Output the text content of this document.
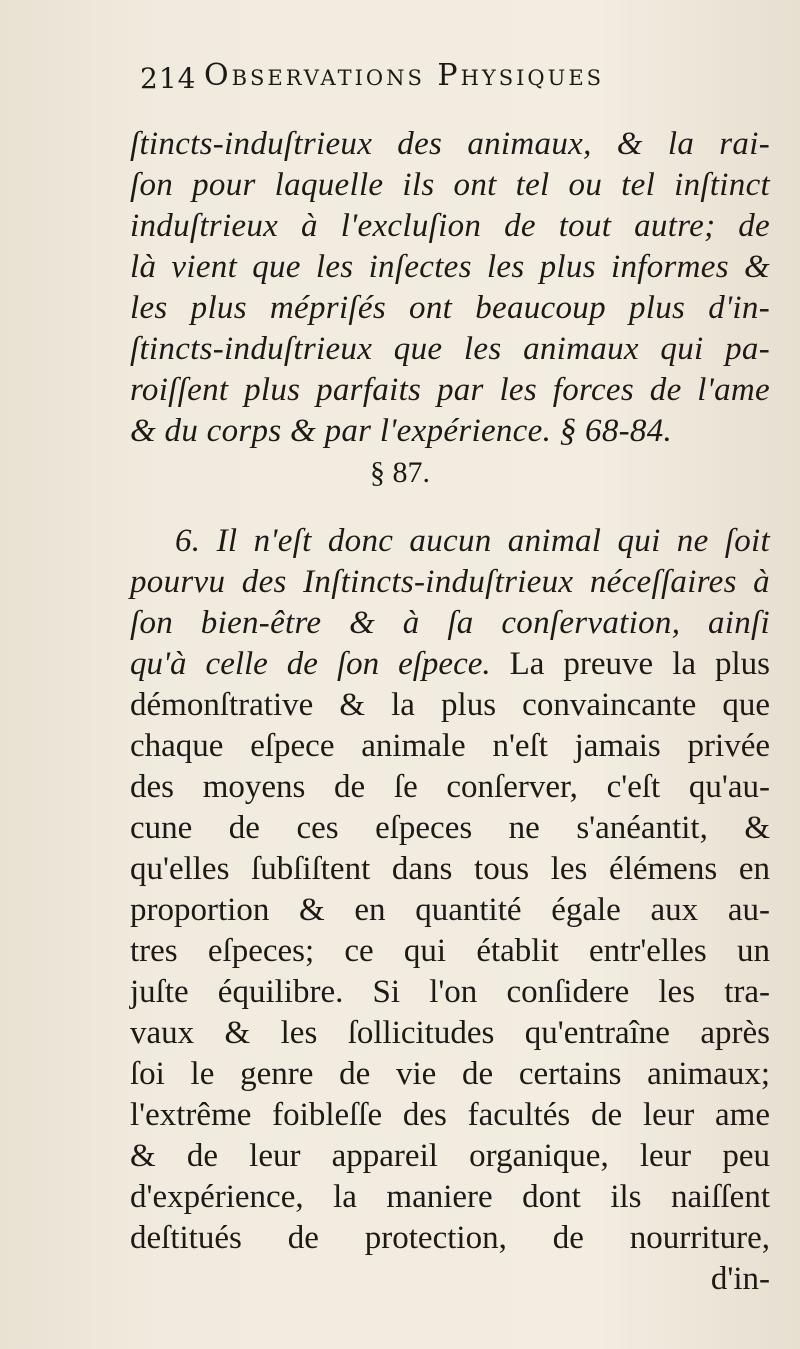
214 Observations Physiques
ſtincts-induſtrieux des animaux, & la rai-
ſon pour laquelle ils ont tel ou tel inſtinct
induſtrieux à l'excluſion de tout autre; de
là vient que les inſectes les plus informes &
les plus mépriſés ont beaucoup plus d'in-
ſtincts-induſtrieux que les animaux qui pa-
roiſſent plus parfaits par les forces de l'ame
& du corps & par l'expérience. § 68-84.
§ 87.
6. Il n'eſt donc aucun animal qui ne ſoit
pourvu des Inſtincts-induſtrieux néceſſaires à
ſon bien-être & à ſa conſervation, ainſi
qu'à celle de ſon eſpece. La preuve la plus
démonſtrative & la plus convaincante que
chaque eſpece animale n'eſt jamais privée
des moyens de ſe conſerver, c'eſt qu'au-
cune de ces eſpeces ne s'anéantit, &
qu'elles ſubſiſtent dans tous les élémens en
proportion & en quantité égale aux au-
tres eſpeces; ce qui établit entr'elles un
juſte équilibre. Si l'on conſidere les tra-
vaux & les ſollicitudes qu'entraîne après
ſoi le genre de vie de certains animaux;
l'extrême foibleſſe des facultés de leur ame
& de leur appareil organique, leur peu
d'expérience, la maniere dont ils naiſſent
deſtitués de protection, de nourriture,
d'in-
